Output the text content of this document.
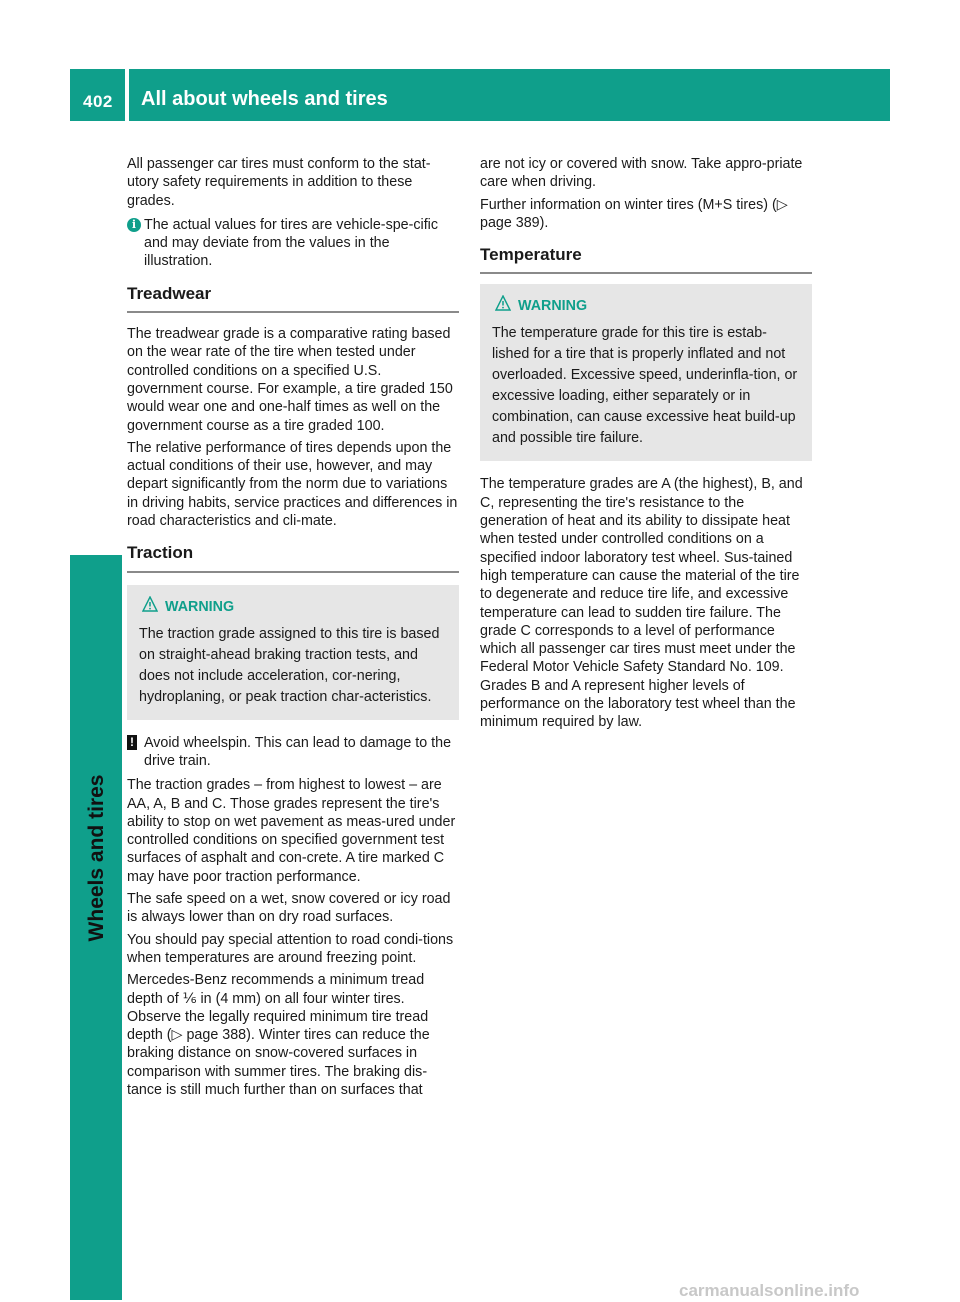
402 All about wheels and tires
Wheels and tires

All passenger car tires must conform to the stat-utory safety requirements in addition to these grades.

i The actual values for tires are vehicle-spe-cific and may deviate from the values in the illustration.
Treadwear

The treadwear grade is a comparative rating based on the wear rate of the tire when tested under controlled conditions on a specified U.S. government course. For example, a tire graded 150 would wear one and one-half times as well on the government course as a tire graded 100.

The relative performance of tires depends upon the actual conditions of their use, however, and may depart significantly from the norm due to variations in driving habits, service practices and differences in road characteristics and cli-mate.

Traction
WARNING

The traction grade assigned to this tire is based on straight-ahead braking traction tests, and does not include acceleration, cor-nering, hydroplaning, or peak traction char-acteristics.

! Avoid wheelspin. This can lead to damage to the drive train.

The traction grades – from highest to lowest – are AA, A, B and C. Those grades represent the tire's ability to stop on wet pavement as meas-ured under controlled conditions on specified government test surfaces of asphalt and con-crete. A tire marked C may have poor traction performance.

The safe speed on a wet, snow covered or icy road is always lower than on dry road surfaces.

You should pay special attention to road condi-tions when temperatures are around freezing point.

Mercedes-Benz recommends a minimum tread depth of ⅙ in (4 mm) on all four winter tires. Observe the legally required minimum tire tread depth (▷ page 388). Winter tires can reduce the braking distance on snow-covered surfaces in comparison with summer tires. The braking dis-tance is still much further than on surfaces that

are not icy or covered with snow. Take appro-priate care when driving.

Further information on winter tires (M+S tires) (▷ page 389).

Temperature
WARNING

The temperature grade for this tire is estab-lished for a tire that is properly inflated and not overloaded. Excessive speed, underinfla-tion, or excessive loading, either separately or in combination, can cause excessive heat build-up and possible tire failure.

The temperature grades are A (the highest), B, and C, representing the tire's resistance to the generation of heat and its ability to dissipate heat when tested under controlled conditions on a specified indoor laboratory test wheel. Sus-tained high temperature can cause the material of the tire to degenerate and reduce tire life, and excessive temperature can lead to sudden tire failure. The grade C corresponds to a level of performance which all passenger car tires must meet under the Federal Motor Vehicle Safety Standard No. 109. Grades B and A represent higher levels of performance on the laboratory test wheel than the minimum required by law.

carmanualsonline.info
